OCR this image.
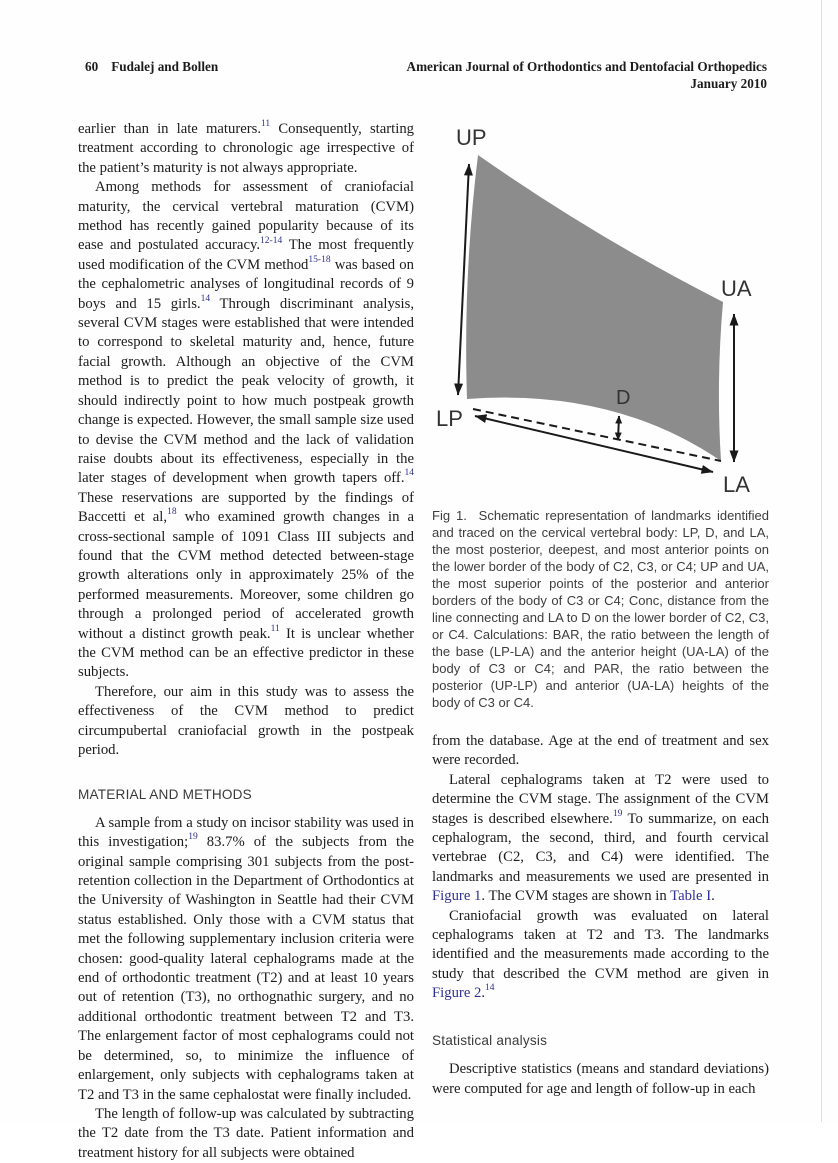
60 Fudalej and Bollen	American Journal of Orthodontics and Dentofacial Orthopedics
January 2010

earlier than in late maturers.$^{11}$ Consequently, starting treatment according to chronologic age irrespective of the patient’s maturity is not always appropriate.

Among methods for assessment of craniofacial maturity, the cervical vertebral maturation (CVM) method has recently gained popularity because of its ease and postulated accuracy.$^{12-14}$ The most frequently used modification of the CVM method$^{15-18}$ was based on the cephalometric analyses of longitudinal records of 9 boys and 15 girls.$^{14}$ Through discriminant analysis, several CVM stages were established that were intended to correspond to skeletal maturity and, hence, future facial growth. Although an objective of the CVM method is to predict the peak velocity of growth, it should indirectly point to how much postpeak growth change is expected. However, the small sample size used to devise the CVM method and the lack of validation raise doubts about its effectiveness, especially in the later stages of development when growth tapers off.$^{14}$ These reservations are supported by the findings of Baccetti et al,$^{18}$ who examined growth changes in a cross-sectional sample of 1091 Class III subjects and found that the CVM method detected between-stage growth alterations only in approximately 25% of the performed measurements. Moreover, some children go through a prolonged period of accelerated growth without a distinct growth peak.$^{11}$ It is unclear whether the CVM method can be an effective predictor in these subjects.

Therefore, our aim in this study was to assess the effectiveness of the CVM method to predict circumpubertal craniofacial growth in the postpeak period.

MATERIAL AND METHODS

A sample from a study on incisor stability was used in this investigation;$^{19}$ 83.7% of the subjects from the original sample comprising 301 subjects from the post-retention collection in the Department of Orthodontics at the University of Washington in Seattle had their CVM status established. Only those with a CVM status that met the following supplementary inclusion criteria were chosen: good-quality lateral cephalograms made at the end of orthodontic treatment (T2) and at least 10 years out of retention (T3), no orthognathic surgery, and no additional orthodontic treatment between T2 and T3. The enlargement factor of most cephalograms could not be determined, so, to minimize the influence of enlargement, only subjects with cephalograms taken at T2 and T3 in the same cephalostat were finally included.

The length of follow-up was calculated by subtracting the T2 date from the T3 date. Patient information and treatment history for all subjects were obtained

UP
UA
LP
D
LA

Fig 1.  Schematic representation of landmarks identified and traced on the cervical vertebral body: LP, D, and LA, the most posterior, deepest, and most anterior points on the lower border of the body of C2, C3, or C4; UP and UA, the most superior points of the posterior and anterior borders of the body of C3 or C4; Conc, distance from the line connecting and LA to D on the lower border of C2, C3, or C4. Calculations: BAR, the ratio between the length of the base (LP-LA) and the anterior height (UA-LA) of the body of C3 or C4; and PAR, the ratio between the posterior (UP-LP) and anterior (UA-LA) heights of the body of C3 or C4.

from the database. Age at the end of treatment and sex were recorded.

Lateral cephalograms taken at T2 were used to determine the CVM stage. The assignment of the CVM stages is described elsewhere.$^{19}$ To summarize, on each cephalogram, the second, third, and fourth cervical vertebrae (C2, C3, and C4) were identified. The landmarks and measurements we used are presented in Figure 1. The CVM stages are shown in Table I.

Craniofacial growth was evaluated on lateral cephalograms taken at T2 and T3. The landmarks identified and the measurements made according to the study that described the CVM method are given in Figure 2.14

Statistical analysis

Descriptive statistics (means and standard deviations) were computed for age and length of follow-up in each
